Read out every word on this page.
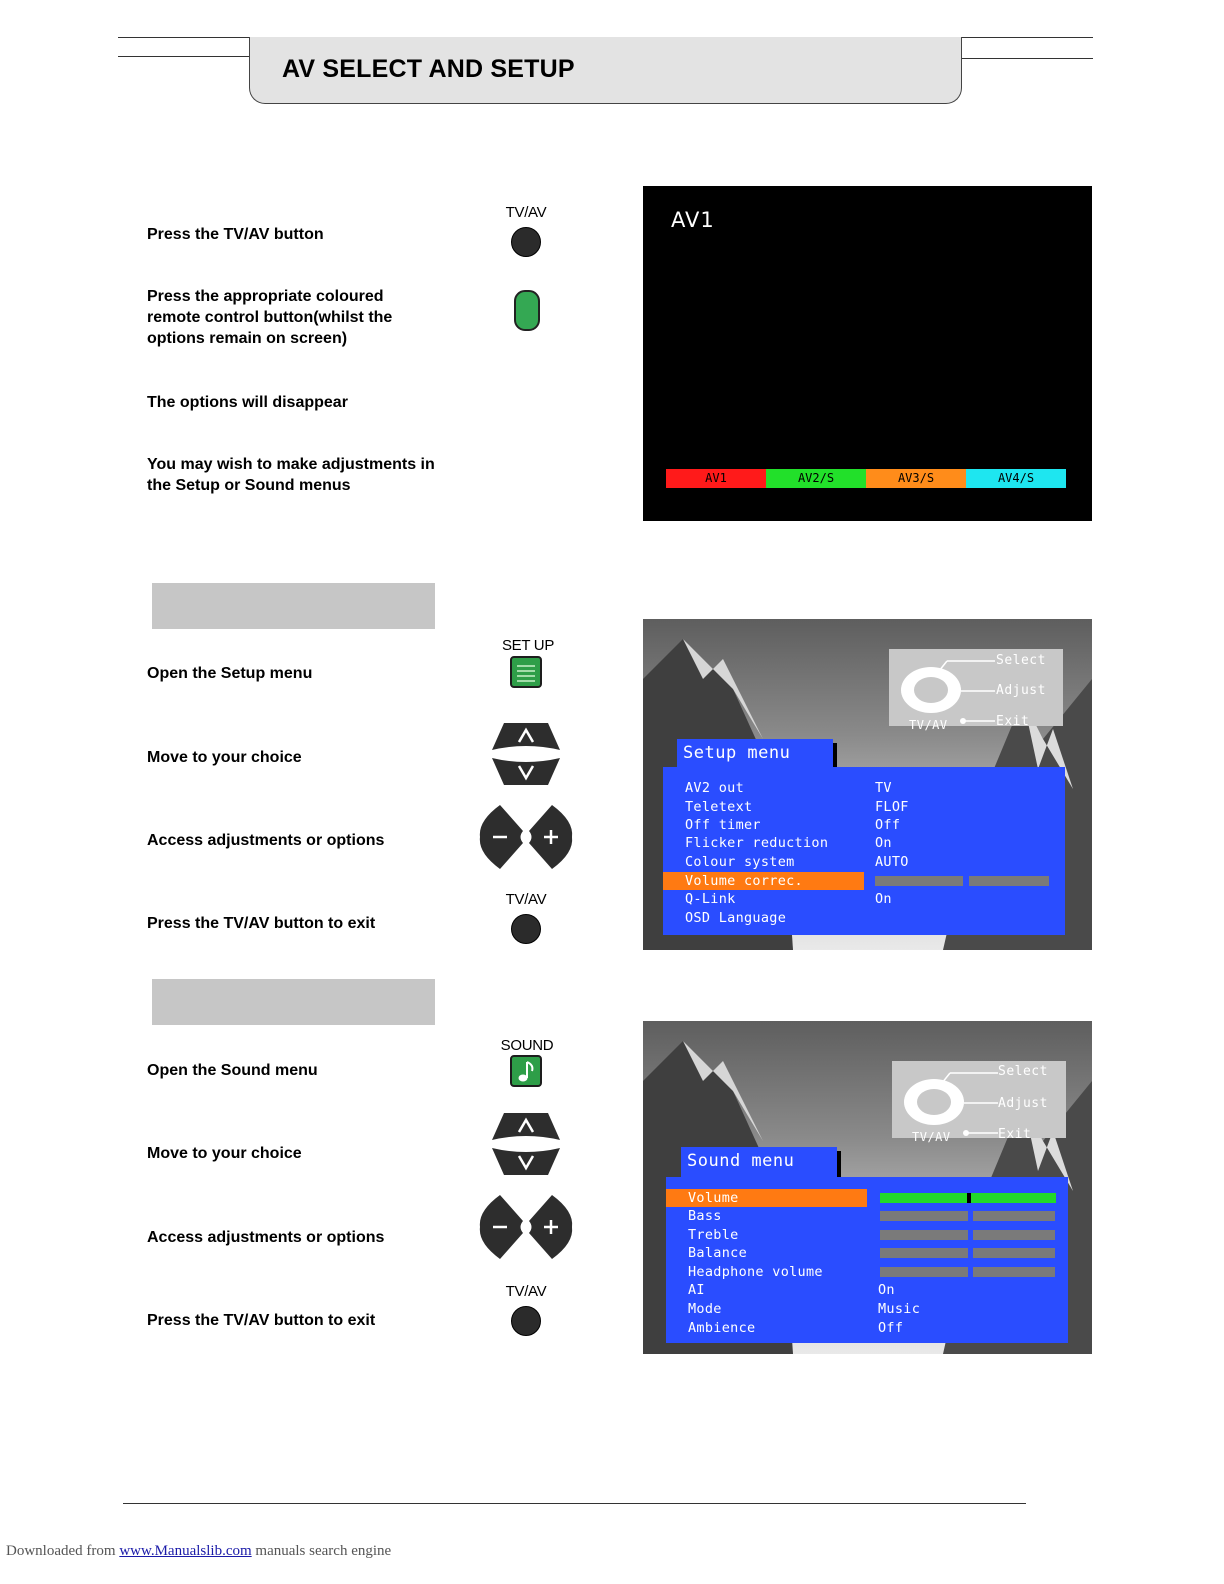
AV SELECT AND SETUP
Press the TV/AV button
TV/AV
Press the appropriate coloured remote control button(whilst the options remain on screen)
The options will disappear
You may wish to make adjustments in the Setup or Sound menus
AV1
AV1	AV2/S	AV3/S	AV4/S
Open the Setup menu
SET UP
Move to your choice
Access adjustments or options
Press the TV/AV button to exit
TV/AV
Select
Adjust
Exit
TV/AV
Setup menu
AV2 out	TV
Teletext	FLOF
Off timer	Off
Flicker reduction	On
Colour system	AUTO
Volume correc.
Q-Link	On
OSD Language
Open the Sound menu
SOUND
Move to your choice
Access adjustments or options
Press the TV/AV button to exit
TV/AV
Select
Adjust
Exit
TV/AV
Sound menu
Volume
Bass
Treble
Balance
Headphone volume
AI	On
Mode	Music
Ambience	Off
Downloaded from www.Manualslib.com manuals search engine
